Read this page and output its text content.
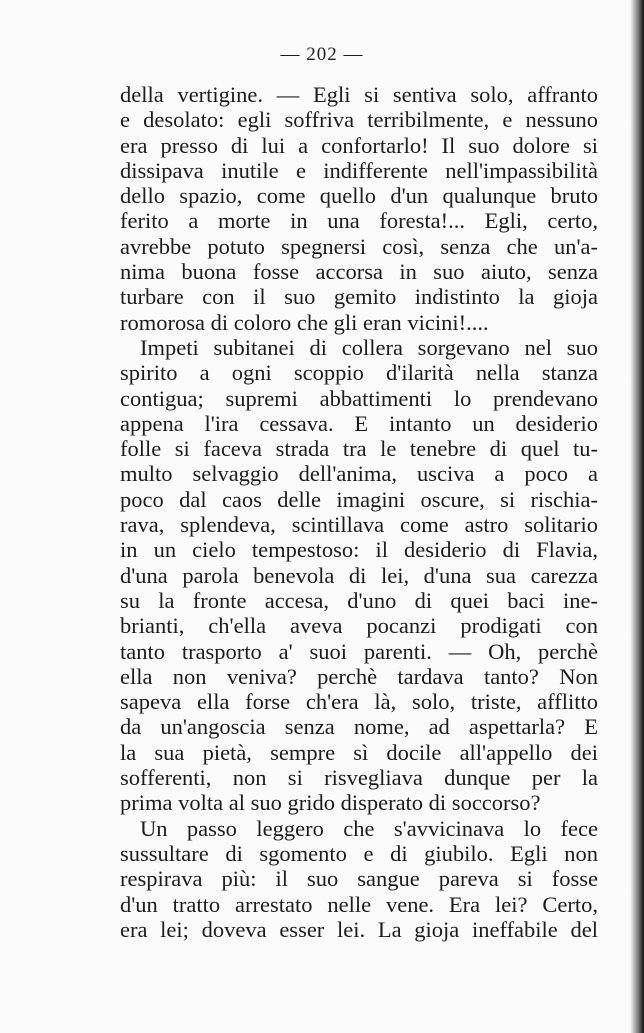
— 202 —
della vertigine. — Egli si sentiva solo, affranto
e desolato: egli soffriva terribilmente, e nessuno
era presso di lui a confortarlo! Il suo dolore si
dissipava inutile e indifferente nell'impassibilità
dello spazio, come quello d'un qualunque bruto
ferito a morte in una foresta!... Egli, certo,
avrebbe potuto spegnersi così, senza che un'a-
nima buona fosse accorsa in suo aiuto, senza
turbare con il suo gemito indistinto la gioja
romorosa di coloro che gli eran vicini!....
Impeti subitanei di collera sorgevano nel suo
spirito a ogni scoppio d'ilarità nella stanza
contigua; supremi abbattimenti lo prendevano
appena l'ira cessava. E intanto un desiderio
folle si faceva strada tra le tenebre di quel tu-
multo selvaggio dell'anima, usciva a poco a
poco dal caos delle imagini oscure, si rischia-
rava, splendeva, scintillava come astro solitario
in un cielo tempestoso: il desiderio di Flavia,
d'una parola benevola di lei, d'una sua carezza
su la fronte accesa, d'uno di quei baci ine-
brianti, ch'ella aveva pocanzi prodigati con
tanto trasporto a' suoi parenti. — Oh, perchè
ella non veniva? perchè tardava tanto? Non
sapeva ella forse ch'era là, solo, triste, afflitto
da un'angoscia senza nome, ad aspettarla? E
la sua pietà, sempre sì docile all'appello dei
sofferenti, non si risvegliava dunque per la
prima volta al suo grido disperato di soccorso?
Un passo leggero che s'avvicinava lo fece
sussultare di sgomento e di giubilo. Egli non
respirava più: il suo sangue pareva si fosse
d'un tratto arrestato nelle vene. Era lei? Certo,
era lei; doveva esser lei. La gioja ineffabile del
